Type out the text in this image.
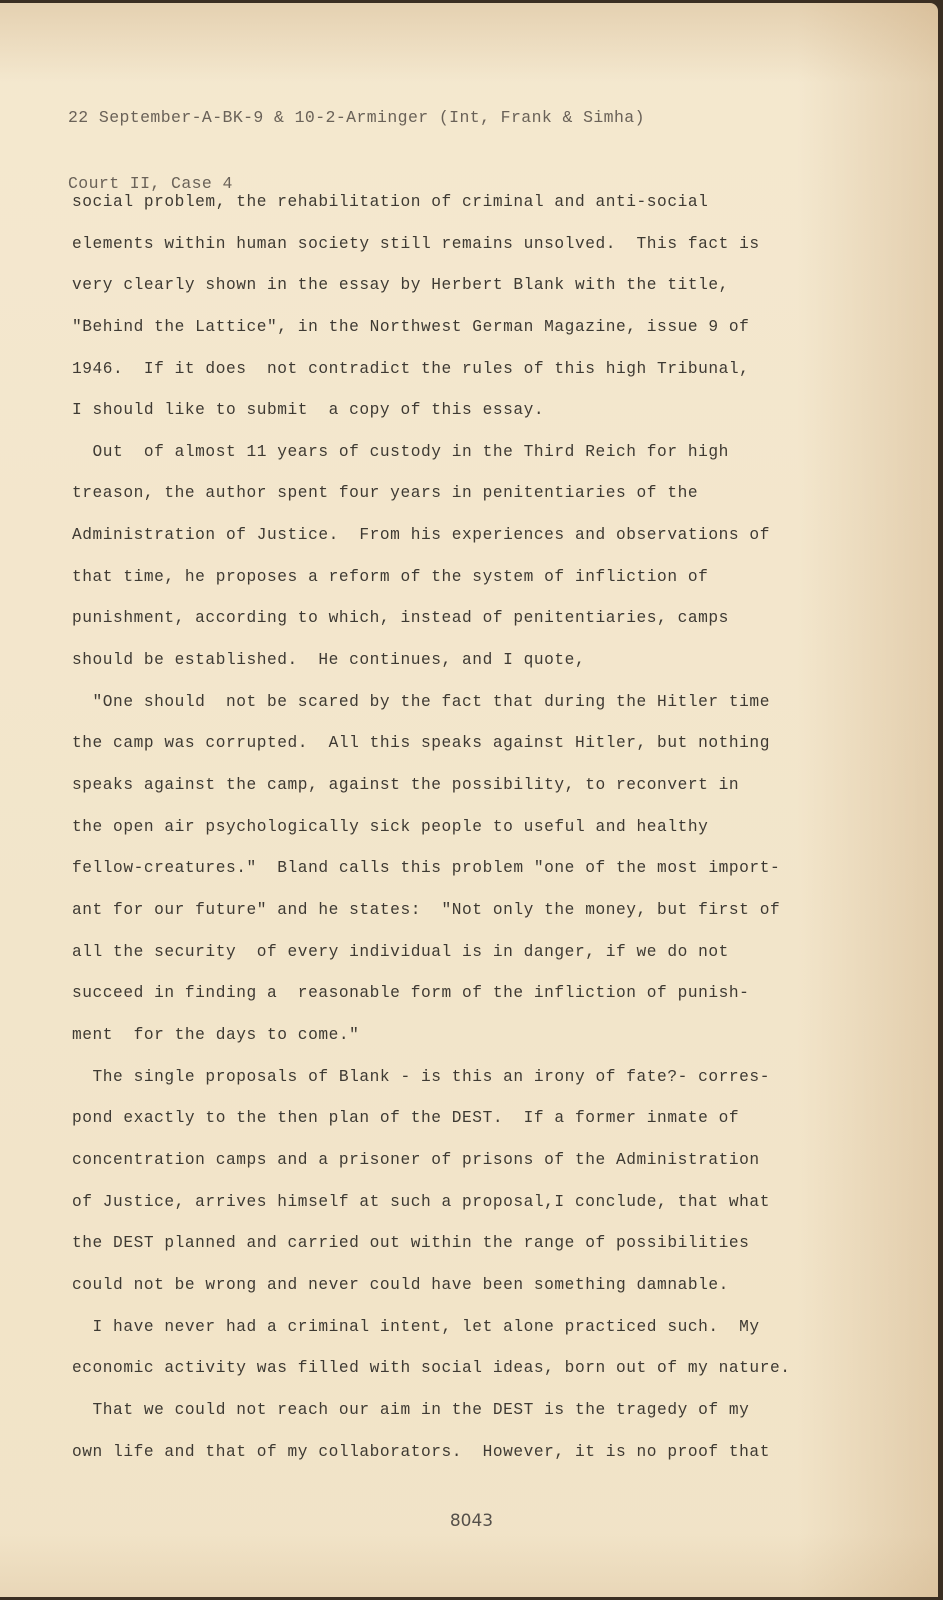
22 September-A-BK-9 & 10-2-Arminger (Int, Frank & Simha)

Court II, Case 4

social problem, the rehabilitation of criminal and anti-social
elements within human society still remains unsolved.  This fact is
very clearly shown in the essay by Herbert Blank with the title,
"Behind the Lattice", in the Northwest German Magazine, issue 9 of
1946.  If it does  not contradict the rules of this high Tribunal,
I should like to submit  a copy of this essay.
Out  of almost 11 years of custody in the Third Reich for high
treason, the author spent four years in penitentiaries of the
Administration of Justice.  From his experiences and observations of
that time, he proposes a reform of the system of infliction of
punishment, according to which, instead of penitentiaries, camps
should be established.  He continues, and I quote,
"One should  not be scared by the fact that during the Hitler time
the camp was corrupted.  All this speaks against Hitler, but nothing
speaks against the camp, against the possibility, to reconvert in
the open air psychologically sick people to useful and healthy
fellow-creatures."  Bland calls this problem "one of the most import-
ant for our future" and he states:  "Not only the money, but first of
all the security  of every individual is in danger, if we do not
succeed in finding a  reasonable form of the infliction of punish-
ment  for the days to come."
The single proposals of Blank - is this an irony of fate?- corres-
pond exactly to the then plan of the DEST.  If a former inmate of
concentration camps and a prisoner of prisons of the Administration
of Justice, arrives himself at such a proposal,I conclude, that what
the DEST planned and carried out within the range of possibilities
could not be wrong and never could have been something damnable.
I have never had a criminal intent, let alone practiced such.  My
economic activity was filled with social ideas, born out of my nature.
That we could not reach our aim in the DEST is the tragedy of my
own life and that of my collaborators.  However, it is no proof that
8043
